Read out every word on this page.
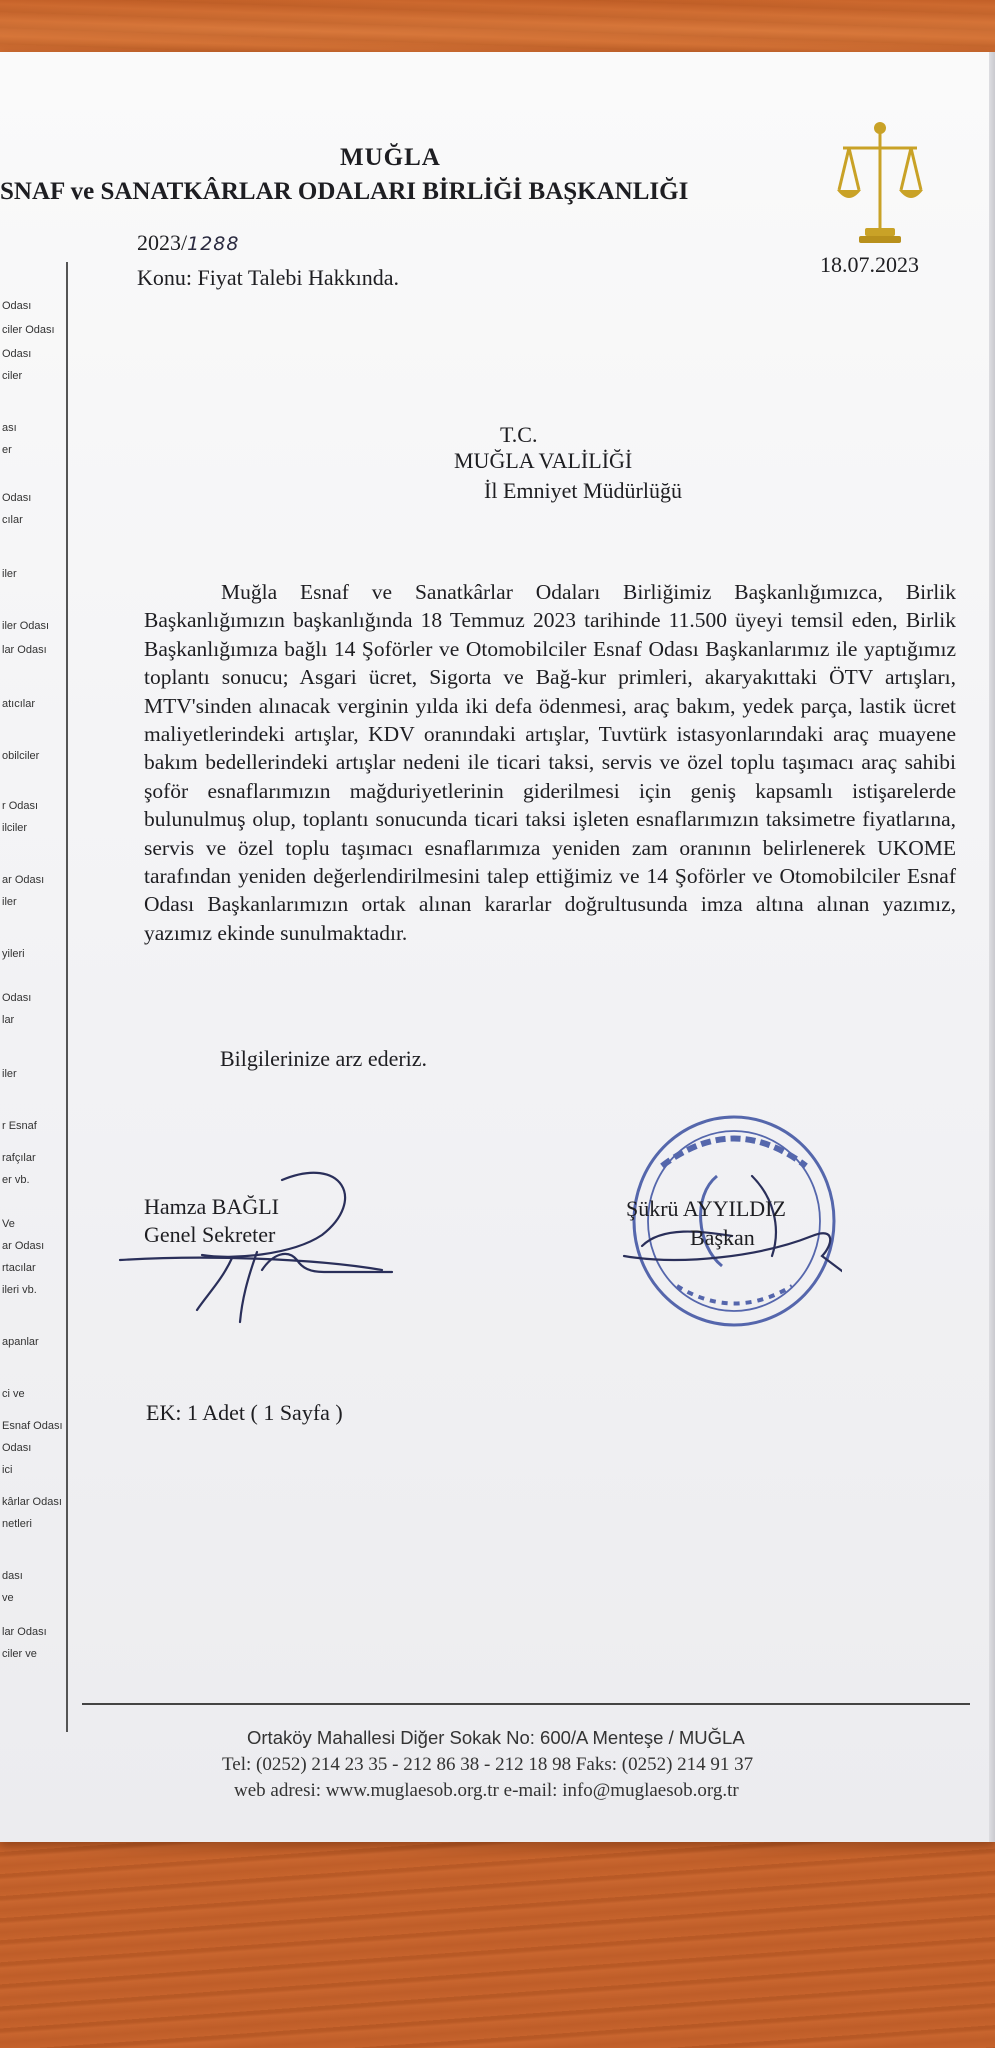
MUĞLA
SNAF ve SANATKÂRLAR ODALARI BİRLİĞİ BAŞKANLIĞI
2023/1288
18.07.2023
Konu: Fiyat Talebi Hakkında.
Odası
ciler Odası
Odası
ciler
ası
er
Odası
cılar
iler
iler Odası
lar Odası
atıcılar
obilciler
r Odası
ilciler
ar Odası
iler
yileri
Odası
lar
iler
r Esnaf
rafçılar
er vb.
Ve
ar Odası
rtacılar
ileri vb.
apanlar
ci ve
Esnaf Odası
Odası
ici
kârlar Odası
netleri
dası
ve
lar Odası
ciler ve
T.C.
MUĞLA VALİLİĞİ
İl Emniyet Müdürlüğü
Muğla Esnaf ve Sanatkârlar Odaları Birliğimiz Başkanlığımızca, Birlik Başkanlığımızın başkanlığında 18 Temmuz 2023 tarihinde 11.500 üyeyi temsil eden, Birlik Başkanlığımıza bağlı 14 Şoförler ve Otomobilciler Esnaf Odası Başkanlarımız ile yaptığımız toplantı sonucu; Asgari ücret, Sigorta ve Bağ-kur primleri, akaryakıttaki ÖTV artışları, MTV'sinden alınacak verginin yılda iki defa ödenmesi, araç bakım, yedek parça, lastik ücret maliyetlerindeki artışlar, KDV oranındaki artışlar, Tuvtürk istasyonlarındaki araç muayene bakım bedellerindeki artışlar nedeni ile ticari taksi, servis ve özel toplu taşımacı araç sahibi şoför esnaflarımızın mağduriyetlerinin giderilmesi için geniş kapsamlı istişarelerde bulunulmuş olup, toplantı sonucunda ticari taksi işleten esnaflarımızın taksimetre fiyatlarına, servis ve özel toplu taşımacı esnaflarımıza yeniden zam oranının belirlenerek UKOME tarafından yeniden değerlendirilmesini talep ettiğimiz ve 14 Şoförler ve Otomobilciler Esnaf Odası Başkanlarımızın ortak alınan kararlar doğrultusunda imza altına alınan yazımız, yazımız ekinde sunulmaktadır.
Bilgilerinize arz ederiz.
Hamza BAĞLI
Genel Sekreter
Şükrü AYYILDIZ
Başkan
EK: 1 Adet ( 1 Sayfa )
Ortaköy Mahallesi Diğer Sokak No: 600/A Menteşe / MUĞLA
Tel: (0252) 214 23 35 - 212 86 38 - 212 18 98 Faks: (0252) 214 91 37
web adresi: www.muglaesob.org.tr e-mail: info@muglaesob.org.tr
